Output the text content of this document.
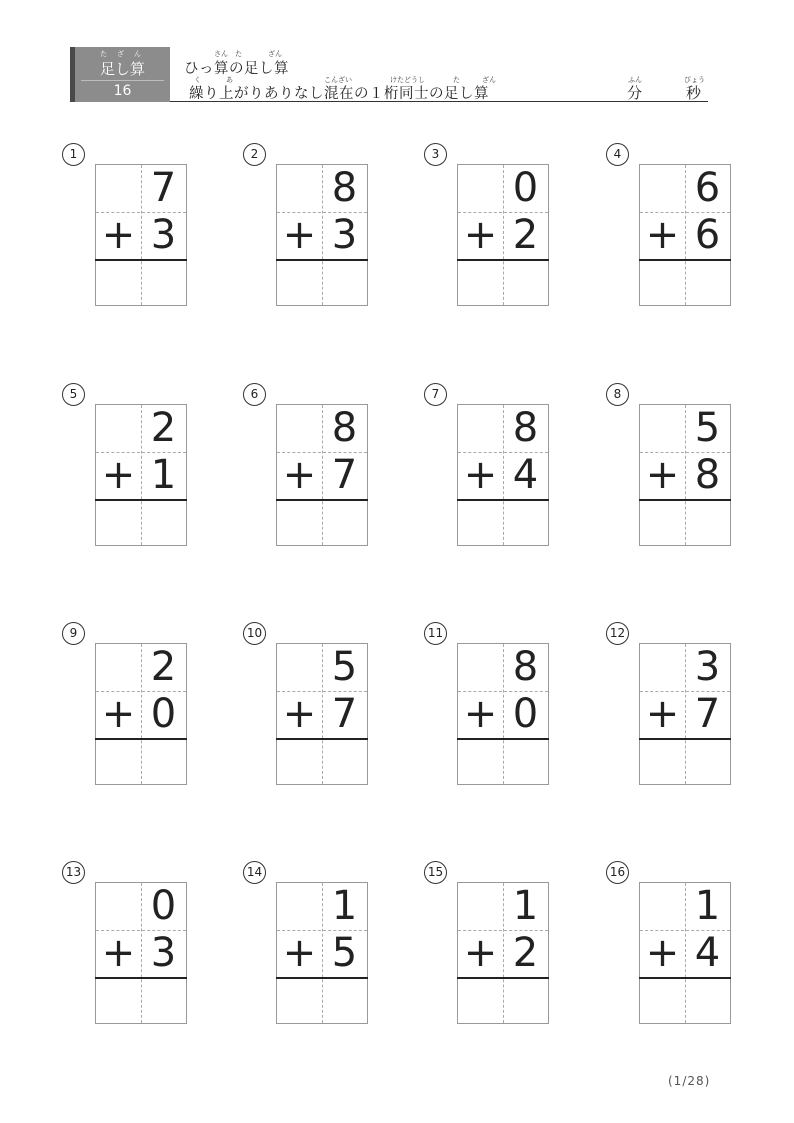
たざん
足し算
16
さん た	ざん
ひっ算の足し算
く	あ	こんざい	けたどうし	た	ざん
繰り上がりありなし混在の１桁同士の足し算
ふん	びょう
分	秒
1
7
+ 3
2
8
+ 3
3
0
+ 2
4
6
+ 6
5
2
+ 1
6
8
+ 7
7
8
+ 4
8
5
+ 8
9
2
+ 0
10
5
+ 7
11
8
+ 0
12
3
+ 7
13
0
+ 3
14
1
+ 5
15
1
+ 2
16
1
+ 4
(1/28)
